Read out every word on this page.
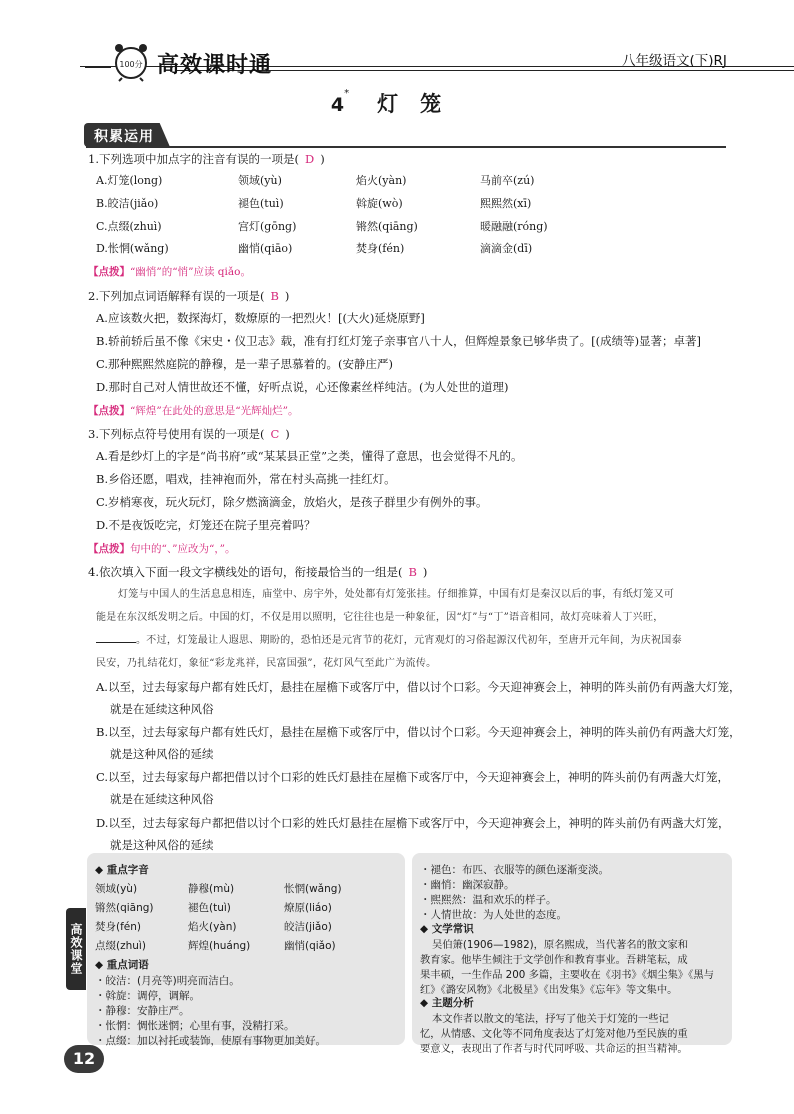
100分 高效课时通	八年级语文(下)RJ
4* 灯笼
积累运用
1.下列选项中加点字的注音有误的一项是( D )
A.灯笼(long)	领域(yù)	焰火(yàn)	马前卒(zú)
B.皎洁(jiǎo)	褪色(tuì)	斡旋(wò)	熙熙然(xī)
C.点缀(zhuì)	宫灯(gōng)	锵然(qiāng)	暖融融(róng)
D.怅惘(wǎng)	幽悄(qiāo)	焚身(fén)	滴滴金(dī)
【点拨】“幽悄”的“悄”应读 qiǎo。
2.下列加点词语解释有误的一项是( B )
A.应该数火把，数探海灯，数燎原的一把烈火！[(大火)延烧原野]
B.轿前轿后虽不像《宋史・仪卫志》载，准有打红灯笼子亲事官八十人，但辉煌景象已够华贵了。[(成绩等)显著；卓著]
C.那种熙熙然庭院的静穆，是一辈子思慕着的。(安静庄严)
D.那时自己对人情世故还不懂，好听点说，心还像素丝样纯洁。(为人处世的道理)
【点拨】“辉煌”在此处的意思是“光辉灿烂”。
3.下列标点符号使用有误的一项是( C )
A.看是纱灯上的字是“尚书府”或“某某县正堂”之类，懂得了意思，也会觉得不凡的。
B.乡俗还愿，唱戏，挂神袍而外，常在村头高挑一挂红灯。
C.岁梢寒夜，玩火玩灯，除夕燃滴滴金，放焰火，是孩子群里少有例外的事。
D.不是夜饭吃完，灯笼还在院子里亮着吗？
【点拨】句中的“、”应改为“，”。
4.依次填入下面一段文字横线处的语句，衔接最恰当的一组是( B )
灯笼与中国人的生活息息相连，庙堂中、房宇外，处处都有灯笼张挂。仔细推算，中国有灯是秦汉以后的事，有纸灯笼又可
能是在东汉纸发明之后。中国的灯，不仅是用以照明，它往往也是一种象征，因“灯”与“丁”语音相同，故灯亮味着人丁兴旺，
。不过，灯笼最让人遐思、期盼的，恐怕还是元宵节的花灯，元宵观灯的习俗起源汉代初年，至唐开元年间，为庆祝国泰
民安，乃扎结花灯，象征“彩龙兆祥，民富国强”，花灯风气至此广为流传。
A.以至，过去每家每户都有姓氏灯，悬挂在屋檐下或客厅中，借以讨个口彩。今天迎神赛会上，神明的阵头前仍有两盏大灯笼，
就是在延续这种风俗
B.以至，过去每家每户都有姓氏灯，悬挂在屋檐下或客厅中，借以讨个口彩。今天迎神赛会上，神明的阵头前仍有两盏大灯笼，
就是这种风俗的延续
C.以至，过去每家每户都把借以讨个口彩的姓氏灯悬挂在屋檐下或客厅中，今天迎神赛会上，神明的阵头前仍有两盏大灯笼，
就是在延续这种风俗
D.以至，过去每家每户都把借以讨个口彩的姓氏灯悬挂在屋檐下或客厅中，今天迎神赛会上，神明的阵头前仍有两盏大灯笼，
就是这种风俗的延续
◆ 重点字音
领域(yù)	静穆(mù)	怅惘(wǎng)
锵然(qiāng)	褪色(tuì)	燎原(liáo)
焚身(fén)	焰火(yàn)	皎洁(jiǎo)
点缀(zhuì)	辉煌(huáng)	幽悄(qiǎo)
◆ 重点词语
・皎洁：(月亮等)明亮而洁白。
・斡旋：调停，调解。
・静穆：安静庄严。
・怅惘：惆怅迷惘；心里有事，没精打采。
・点缀：加以衬托或装饰，使原有事物更加美好。
・褪色：布匹、衣服等的颜色逐渐变淡。
・幽悄：幽深寂静。
・熙熙然：温和欢乐的样子。
・人情世故：为人处世的态度。
◆ 文学常识
吴伯箫(1906—1982)，原名熙成，当代著名的散文家和
教育家。他毕生倾注于文学创作和教育事业。吾耕笔耘，成
果丰硕，一生作品 200 多篇，主要收在《羽书》《烟尘集》《黑与
红》《潞安风物》《北极星》《出发集》《忘年》等文集中。
◆ 主题分析
本文作者以散文的笔法，抒写了他关于灯笼的一些记
忆，从情感、文化等不同角度表达了灯笼对他乃至民族的重
要意义，表现出了作者与时代同呼吸、共命运的担当精神。
高效课堂
12
